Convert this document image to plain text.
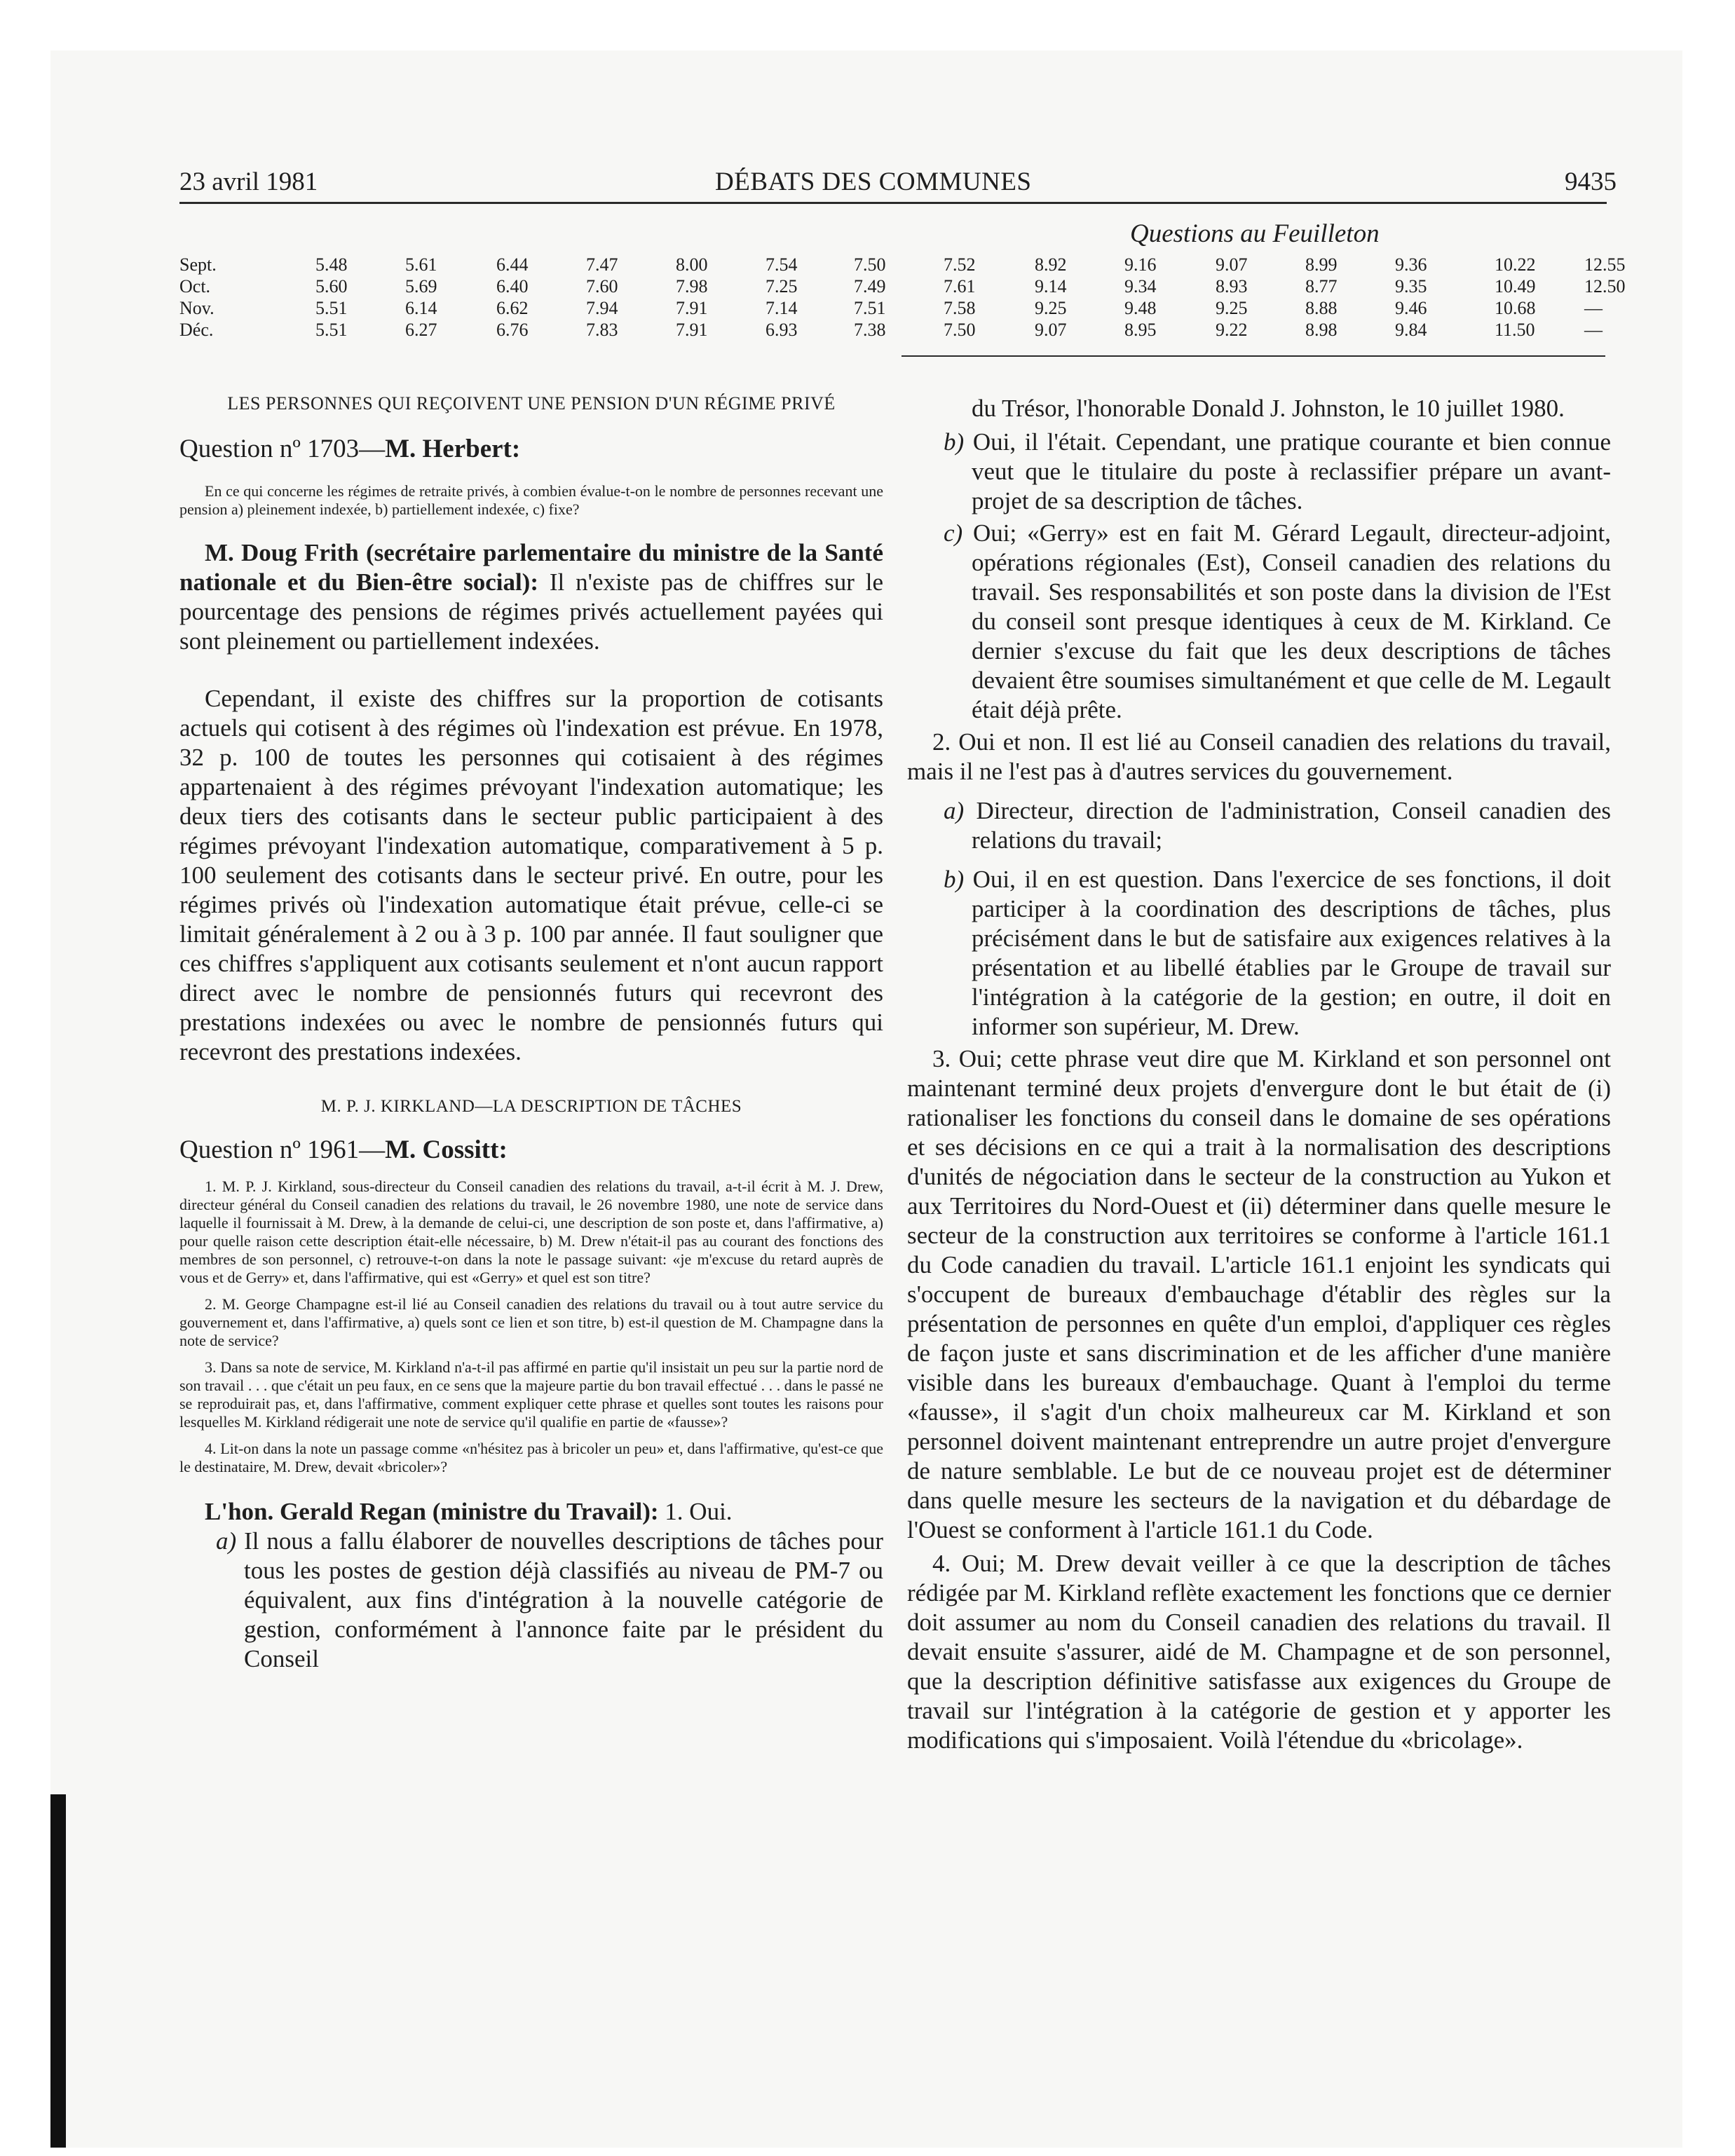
23 avril 1981	DÉBATS DES COMMUNES	9435
Questions au Feuilleton
Sept.	5.48	5.61	6.44	7.47	8.00	7.54	7.50	7.52	8.92	9.16	9.07	8.99	9.36	10.22	12.55
Oct.	5.60	5.69	6.40	7.60	7.98	7.25	7.49	7.61	9.14	9.34	8.93	8.77	9.35	10.49	12.50
Nov.	5.51	6.14	6.62	7.94	7.91	7.14	7.51	7.58	9.25	9.48	9.25	8.88	9.46	10.68	—
Déc.	5.51	6.27	6.76	7.83	7.91	6.93	7.38	7.50	9.07	8.95	9.22	8.98	9.84	11.50	—
LES PERSONNES QUI REÇOIVENT UNE PENSION D'UN RÉGIME PRIVÉ
Question nº 1703—M. Herbert:

En ce qui concerne les régimes de retraite privés, à combien évalue-t-on le nombre de personnes recevant une pension a) pleinement indexée, b) partiellement indexée, c) fixe?

M. Doug Frith (secrétaire parlementaire du ministre de la Santé nationale et du Bien-être social): Il n'existe pas de chiffres sur le pourcentage des pensions de régimes privés actuellement payées qui sont pleinement ou partiellement indexées.

Cependant, il existe des chiffres sur la proportion de cotisants actuels qui cotisent à des régimes où l'indexation est prévue. En 1978, 32 p. 100 de toutes les personnes qui cotisaient à des régimes appartenaient à des régimes prévoyant l'indexation automatique; les deux tiers des cotisants dans le secteur public participaient à des régimes prévoyant l'indexation automatique, comparativement à 5 p. 100 seulement des cotisants dans le secteur privé. En outre, pour les régimes privés où l'indexation automatique était prévue, celle-ci se limitait généralement à 2 ou à 3 p. 100 par année. Il faut souligner que ces chiffres s'appliquent aux cotisants seulement et n'ont aucun rapport direct avec le nombre de pensionnés futurs qui recevront des prestations indexées ou avec le nombre de pensionnés futurs qui recevront des prestations indexées.

M. P. J. KIRKLAND—LA DESCRIPTION DE TÂCHES
Question nº 1961—M. Cossitt:

1. M. P. J. Kirkland, sous-directeur du Conseil canadien des relations du travail, a-t-il écrit à M. J. Drew, directeur général du Conseil canadien des relations du travail, le 26 novembre 1980, une note de service dans laquelle il fournissait à M. Drew, à la demande de celui-ci, une description de son poste et, dans l'affirmative, a) pour quelle raison cette description était-elle nécessaire, b) M. Drew n'était-il pas au courant des fonctions des membres de son personnel, c) retrouve-t-on dans la note le passage suivant: «je m'excuse du retard auprès de vous et de Gerry» et, dans l'affirmative, qui est «Gerry» et quel est son titre?

2. M. George Champagne est-il lié au Conseil canadien des relations du travail ou à tout autre service du gouvernement et, dans l'affirmative, a) quels sont ce lien et son titre, b) est-il question de M. Champagne dans la note de service?

3. Dans sa note de service, M. Kirkland n'a-t-il pas affirmé en partie qu'il insistait un peu sur la partie nord de son travail . . . que c'était un peu faux, en ce sens que la majeure partie du bon travail effectué . . . dans le passé ne se reproduirait pas, et, dans l'affirmative, comment expliquer cette phrase et quelles sont toutes les raisons pour lesquelles M. Kirkland rédigerait une note de service qu'il qualifie en partie de «fausse»?

4. Lit-on dans la note un passage comme «n'hésitez pas à bricoler un peu» et, dans l'affirmative, qu'est-ce que le destinataire, M. Drew, devait «bricoler»?

L'hon. Gerald Regan (ministre du Travail): 1. Oui.

a) Il nous a fallu élaborer de nouvelles descriptions de tâches pour tous les postes de gestion déjà classifiés au niveau de PM-7 ou équivalent, aux fins d'intégration à la nouvelle catégorie de gestion, conformément à l'annonce faite par le président du Conseil

du Trésor, l'honorable Donald J. Johnston, le 10 juillet 1980.

b) Oui, il l'était. Cependant, une pratique courante et bien connue veut que le titulaire du poste à reclassifier prépare un avant-projet de sa description de tâches.

c) Oui; «Gerry» est en fait M. Gérard Legault, directeur-adjoint, opérations régionales (Est), Conseil canadien des relations du travail. Ses responsabilités et son poste dans la division de l'Est du conseil sont presque identiques à ceux de M. Kirkland. Ce dernier s'excuse du fait que les deux descriptions de tâches devaient être soumises simultanément et que celle de M. Legault était déjà prête.

2. Oui et non. Il est lié au Conseil canadien des relations du travail, mais il ne l'est pas à d'autres services du gouvernement.

a) Directeur, direction de l'administration, Conseil canadien des relations du travail;

b) Oui, il en est question. Dans l'exercice de ses fonctions, il doit participer à la coordination des descriptions de tâches, plus précisément dans le but de satisfaire aux exigences relatives à la présentation et au libellé établies par le Groupe de travail sur l'intégration à la catégorie de la gestion; en outre, il doit en informer son supérieur, M. Drew.

3. Oui; cette phrase veut dire que M. Kirkland et son personnel ont maintenant terminé deux projets d'envergure dont le but était de (i) rationaliser les fonctions du conseil dans le domaine de ses opérations et ses décisions en ce qui a trait à la normalisation des descriptions d'unités de négociation dans le secteur de la construction au Yukon et aux Territoires du Nord-Ouest et (ii) déterminer dans quelle mesure le secteur de la construction aux territoires se conforme à l'article 161.1 du Code canadien du travail. L'article 161.1 enjoint les syndicats qui s'occupent de bureaux d'embauchage d'établir des règles sur la présentation de personnes en quête d'un emploi, d'appliquer ces règles de façon juste et sans discrimination et de les afficher d'une manière visible dans les bureaux d'embauchage. Quant à l'emploi du terme «fausse», il s'agit d'un choix malheureux car M. Kirkland et son personnel doivent maintenant entreprendre un autre projet d'envergure de nature semblable. Le but de ce nouveau projet est de déterminer dans quelle mesure les secteurs de la navigation et du débardage de l'Ouest se conforment à l'article 161.1 du Code.

4. Oui; M. Drew devait veiller à ce que la description de tâches rédigée par M. Kirkland reflète exactement les fonctions que ce dernier doit assumer au nom du Conseil canadien des relations du travail. Il devait ensuite s'assurer, aidé de M. Champagne et de son personnel, que la description définitive satisfasse aux exigences du Groupe de travail sur l'intégration à la catégorie de gestion et y apporter les modifications qui s'imposaient. Voilà l'étendue du «bricolage».
